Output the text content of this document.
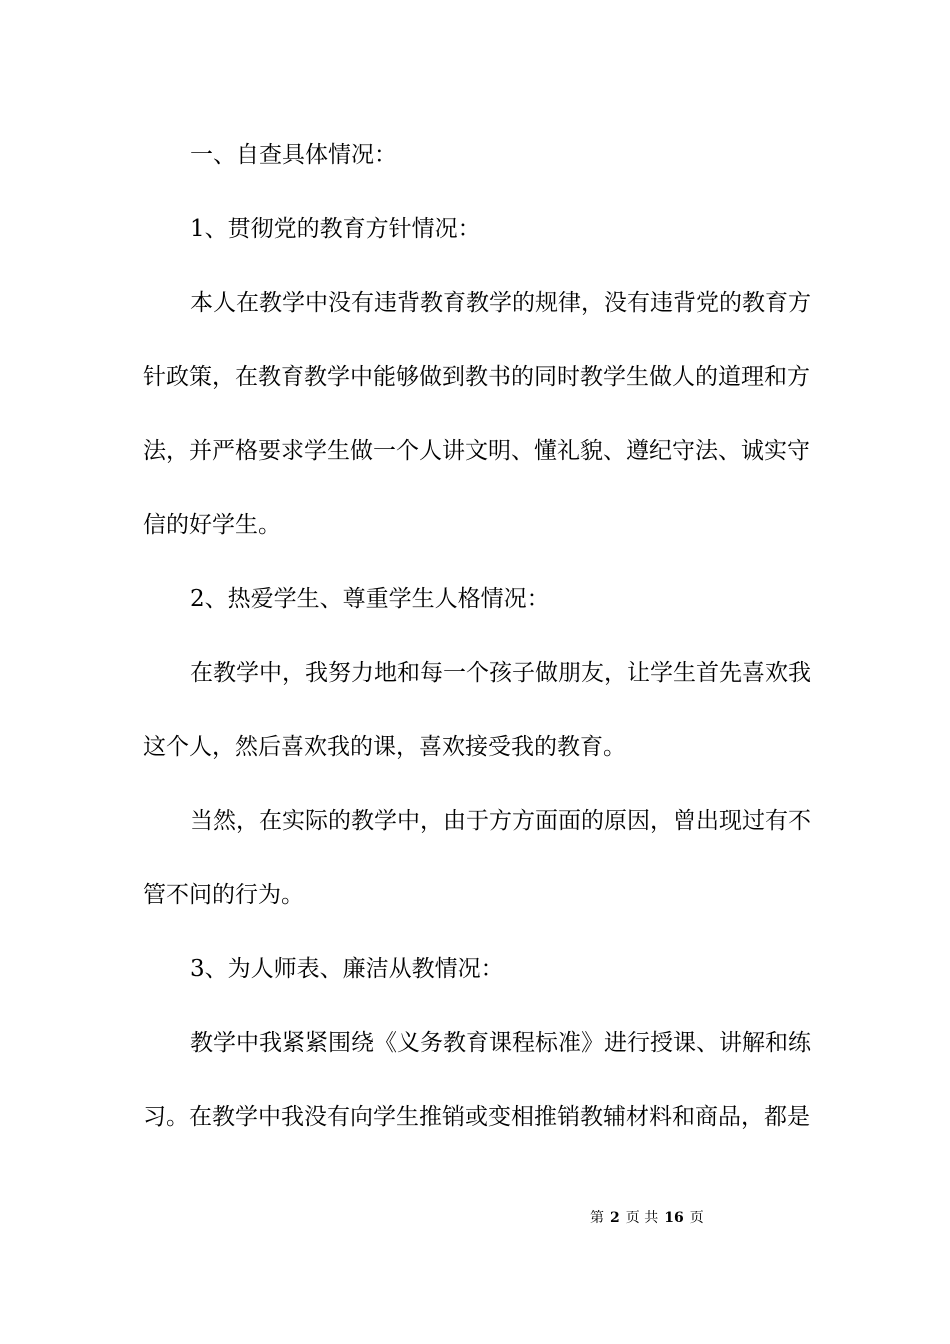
一、自查具体情况：
1、贯彻党的教育方针情况：
本人在教学中没有违背教育教学的规律，没有违背党的教育方
针政策，在教育教学中能够做到教书的同时教学生做人的道理和方
法，并严格要求学生做一个人讲文明、懂礼貌、遵纪守法、诚实守
信的好学生。
2、热爱学生、尊重学生人格情况：
在教学中，我努力地和每一个孩子做朋友，让学生首先喜欢我
这个人，然后喜欢我的课，喜欢接受我的教育。
当然，在实际的教学中，由于方方面面的原因，曾出现过有不
管不问的行为。
3、为人师表、廉洁从教情况：
教学中我紧紧围绕《义务教育课程标准》进行授课、讲解和练
习。在教学中我没有向学生推销或变相推销教辅材料和商品，都是
第 2 页 共 16 页
